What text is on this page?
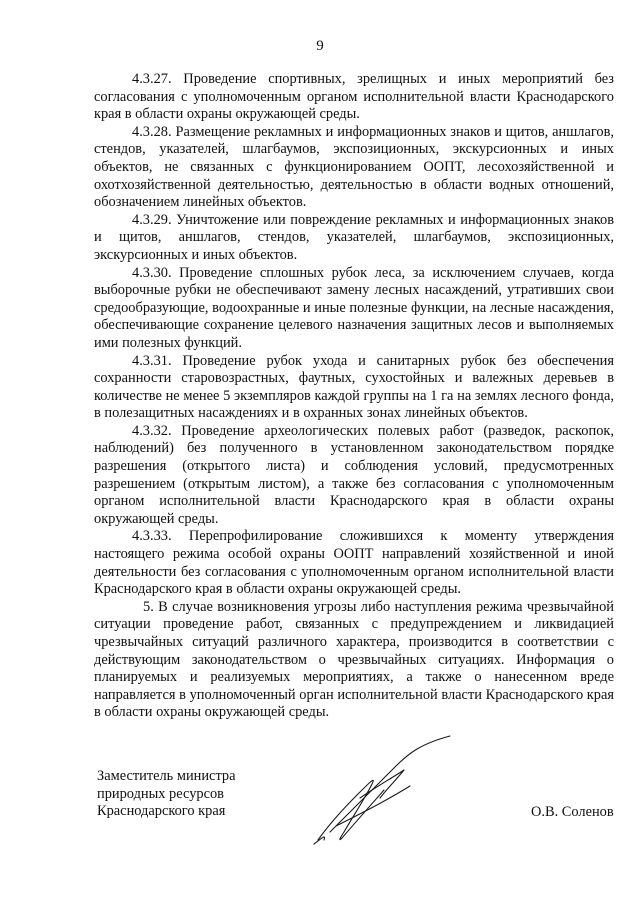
9

4.3.27. Проведение спортивных, зрелищных и иных мероприятий без согласования с уполномоченным органом исполнительной власти Краснодарского края в области охраны окружающей среды.

4.3.28. Размещение рекламных и информационных знаков и щитов, аншлагов, стендов, указателей, шлагбаумов, экспозиционных, экскурсионных и иных объектов, не связанных с функционированием ООПТ, лесохозяйственной и охотхозяйственной деятельностью, деятельностью в области водных отношений, обозначением линейных объектов.

4.3.29. Уничтожение или повреждение рекламных и информационных знаков и щитов, аншлагов, стендов, указателей, шлагбаумов, экспозиционных, экскурсионных и иных объектов.

4.3.30. Проведение сплошных рубок леса, за исключением случаев, когда выборочные рубки не обеспечивают замену лесных насаждений, утративших свои средообразующие, водоохранные и иные полезные функции, на лесные насаждения, обеспечивающие сохранение целевого назначения защитных лесов и выполняемых ими полезных функций.

4.3.31. Проведение рубок ухода и санитарных рубок без обеспечения сохранности старовозрастных, фаутных, сухостойных и валежных деревьев в количестве не менее 5 экземпляров каждой группы на 1 га на землях лесного фонда, в полезащитных насаждениях и в охранных зонах линейных объектов.

4.3.32. Проведение археологических полевых работ (разведок, раскопок, наблюдений) без полученного в установленном законодательством порядке разрешения (открытого листа) и соблюдения условий, предусмотренных разрешением (открытым листом), а также без согласования с уполномоченным органом исполнительной власти Краснодарского края в области охраны окружающей среды.

4.3.33. Перепрофилирование сложившихся к моменту утверждения настоящего режима особой охраны ООПТ направлений хозяйственной и иной деятельности без согласования с уполномоченным органом исполнительной власти Краснодарского края в области охраны окружающей среды.

5. В случае возникновения угрозы либо наступления режима чрезвычайной ситуации проведение работ, связанных с предупреждением и ликвидацией чрезвычайных ситуаций различного характера, производится в соответствии с действующим законодательством о чрезвычайных ситуациях. Информация о планируемых и реализуемых мероприятиях, а также о нанесенном вреде направляется в уполномоченный орган исполнительной власти Краснодарского края в области охраны окружающей среды.

Заместитель министра
природных ресурсов
Краснодарского края	О.В. Соленов
